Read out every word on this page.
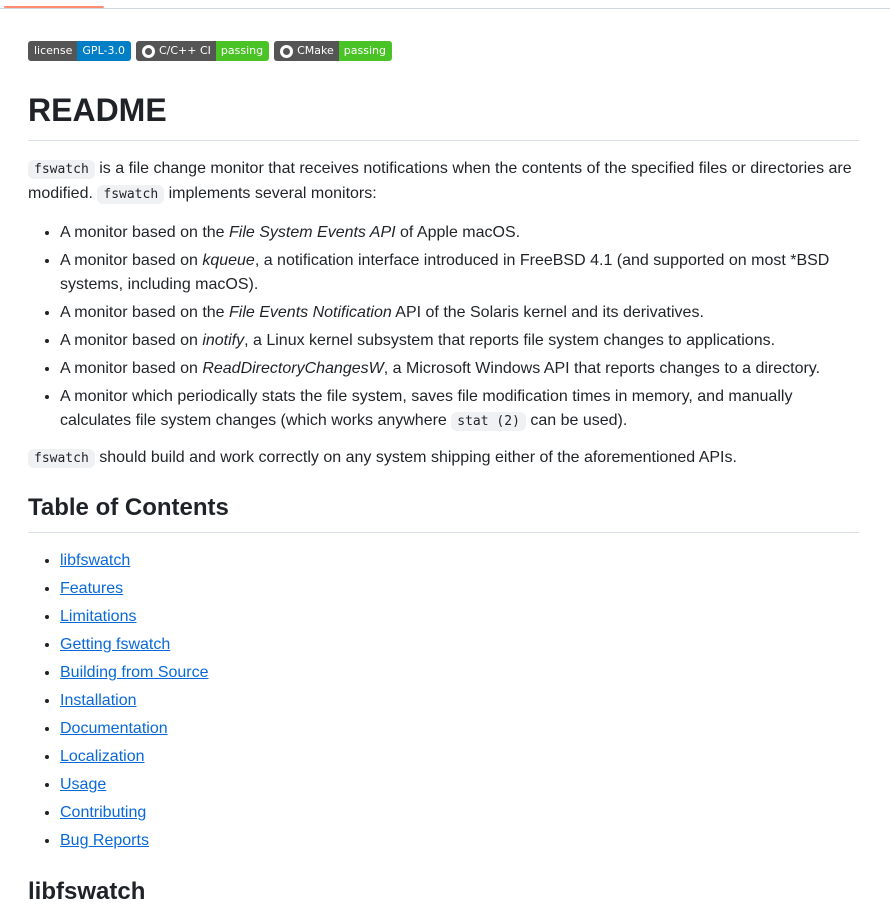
license GPL-3.0	C/C++ CI passing	CMake passing
README

fswatch is a file change monitor that receives notifications when the contents of the specified files or directories are modified. fswatch implements several monitors:

• A monitor based on the File System Events API of Apple macOS.
• A monitor based on kqueue, a notification interface introduced in FreeBSD 4.1 (and supported on most *BSD systems, including macOS).
• A monitor based on the File Events Notification API of the Solaris kernel and its derivatives.
• A monitor based on inotify, a Linux kernel subsystem that reports file system changes to applications.
• A monitor based on ReadDirectoryChangesW, a Microsoft Windows API that reports changes to a directory.
• A monitor which periodically stats the file system, saves file modification times in memory, and manually calculates file system changes (which works anywhere stat (2) can be used).

fswatch should build and work correctly on any system shipping either of the aforementioned APIs.

Table of Contents
• libfswatch
• Features
• Limitations
• Getting fswatch
• Building from Source
• Installation
• Documentation
• Localization
• Usage
• Contributing
• Bug Reports
libfswatch
